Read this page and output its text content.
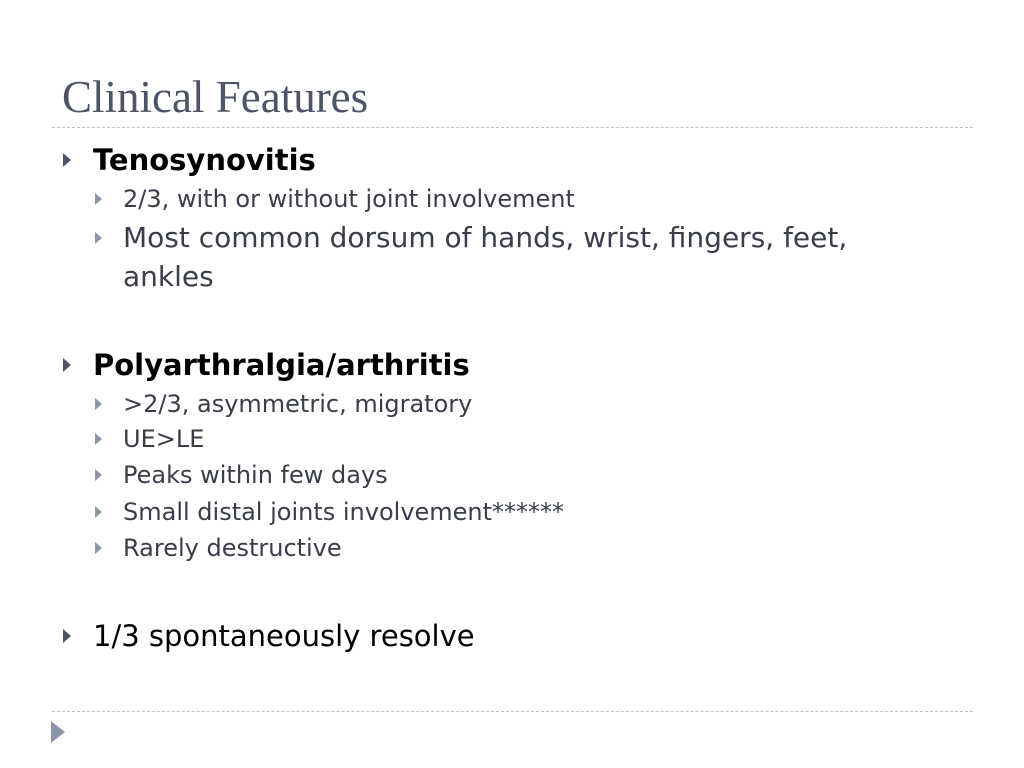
Clinical Features
Tenosynovitis
2/3, with or without joint involvement
Most common dorsum of hands, wrist, fingers, feet, ankles
Polyarthralgia/arthritis
>2/3, asymmetric, migratory
UE>LE
Peaks within few days
Small distal joints involvement******
Rarely destructive
1/3 spontaneously resolve
